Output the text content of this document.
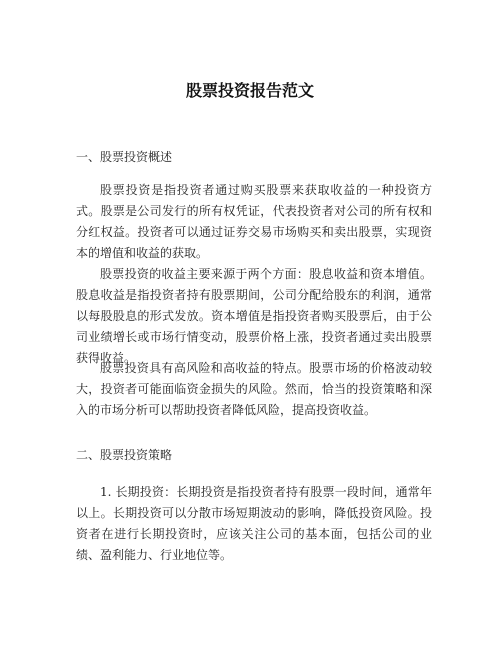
股票投资报告范文
一、股票投资概述

股票投资是指投资者通过购买股票来获取收益的一种投资方式。股票是公司发行的所有权凭证，代表投资者对公司的所有权和分红权益。投资者可以通过证券交易市场购买和卖出股票，实现资本的增值和收益的获取。

股票投资的收益主要来源于两个方面：股息收益和资本增值。股息收益是指投资者持有股票期间，公司分配给股东的利润，通常以每股股息的形式发放。资本增值是指投资者购买股票后，由于公司业绩增长或市场行情变动，股票价格上涨，投资者通过卖出股票获得收益。

股票投资具有高风险和高收益的特点。股票市场的价格波动较大，投资者可能面临资金损失的风险。然而，恰当的投资策略和深入的市场分析可以帮助投资者降低风险，提高投资收益。

二、股票投资策略

1. 长期投资：长期投资是指投资者持有股票一段时间，通常年以上。长期投资可以分散市场短期波动的影响，降低投资风险。投资者在进行长期投资时，应该关注公司的基本面，包括公司的业绩、盈利能力、行业地位等。
